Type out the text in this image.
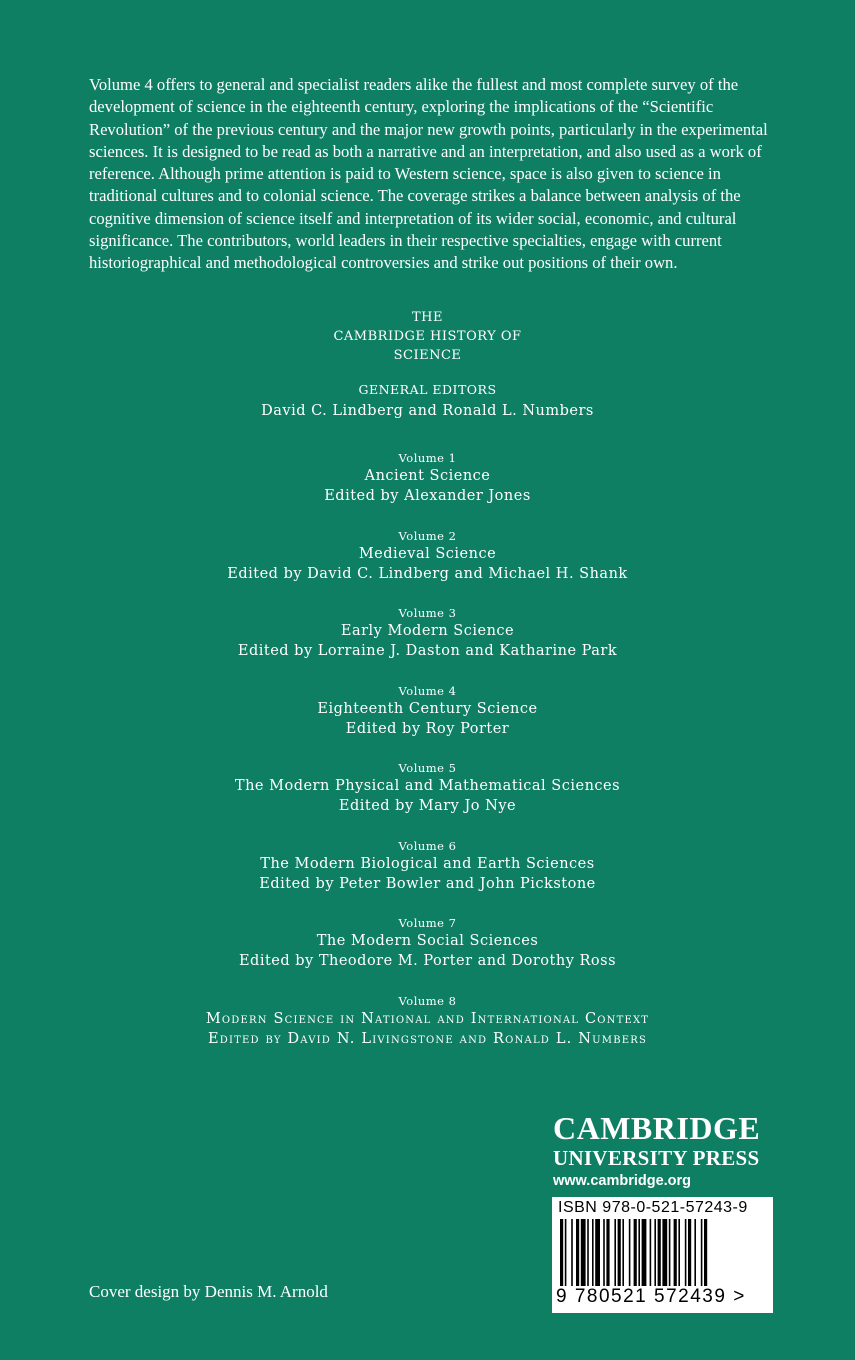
Volume 4 offers to general and specialist readers alike the fullest and most complete survey of the development of science in the eighteenth century, exploring the implications of the “Scientific Revolution” of the previous century and the major new growth points, particularly in the experimental sciences. It is designed to be read as both a narrative and an interpretation, and also used as a work of reference. Although prime attention is paid to Western science, space is also given to science in traditional cultures and to colonial science. The coverage strikes a balance between analysis of the cognitive dimension of science itself and interpretation of its wider social, economic, and cultural significance. The contributors, world leaders in their respective specialties, engage with current historiographical and methodological controversies and strike out positions of their own.

THE
CAMBRIDGE HISTORY OF
SCIENCE
GENERAL EDITORS
David C. Lindberg and Ronald L. Numbers
Volume 1
Ancient Science
Edited by Alexander Jones
Volume 2
Medieval Science
Edited by David C. Lindberg and Michael H. Shank
Volume 3
Early Modern Science
Edited by Lorraine J. Daston and Katharine Park
Volume 4
Eighteenth Century Science
Edited by Roy Porter
Volume 5
The Modern Physical and Mathematical Sciences
Edited by Mary Jo Nye
Volume 6
The Modern Biological and Earth Sciences
Edited by Peter Bowler and John Pickstone
Volume 7
The Modern Social Sciences
Edited by Theodore M. Porter and Dorothy Ross
Volume 8
Modern Science in National and International Context
Edited by David N. Livingstone and Ronald L. Numbers
CAMBRIDGE
UNIVERSITY PRESS
www.cambridge.org
ISBN 978-0-521-57243-9
9 780521 572439 >
Cover design by Dennis M. Arnold
